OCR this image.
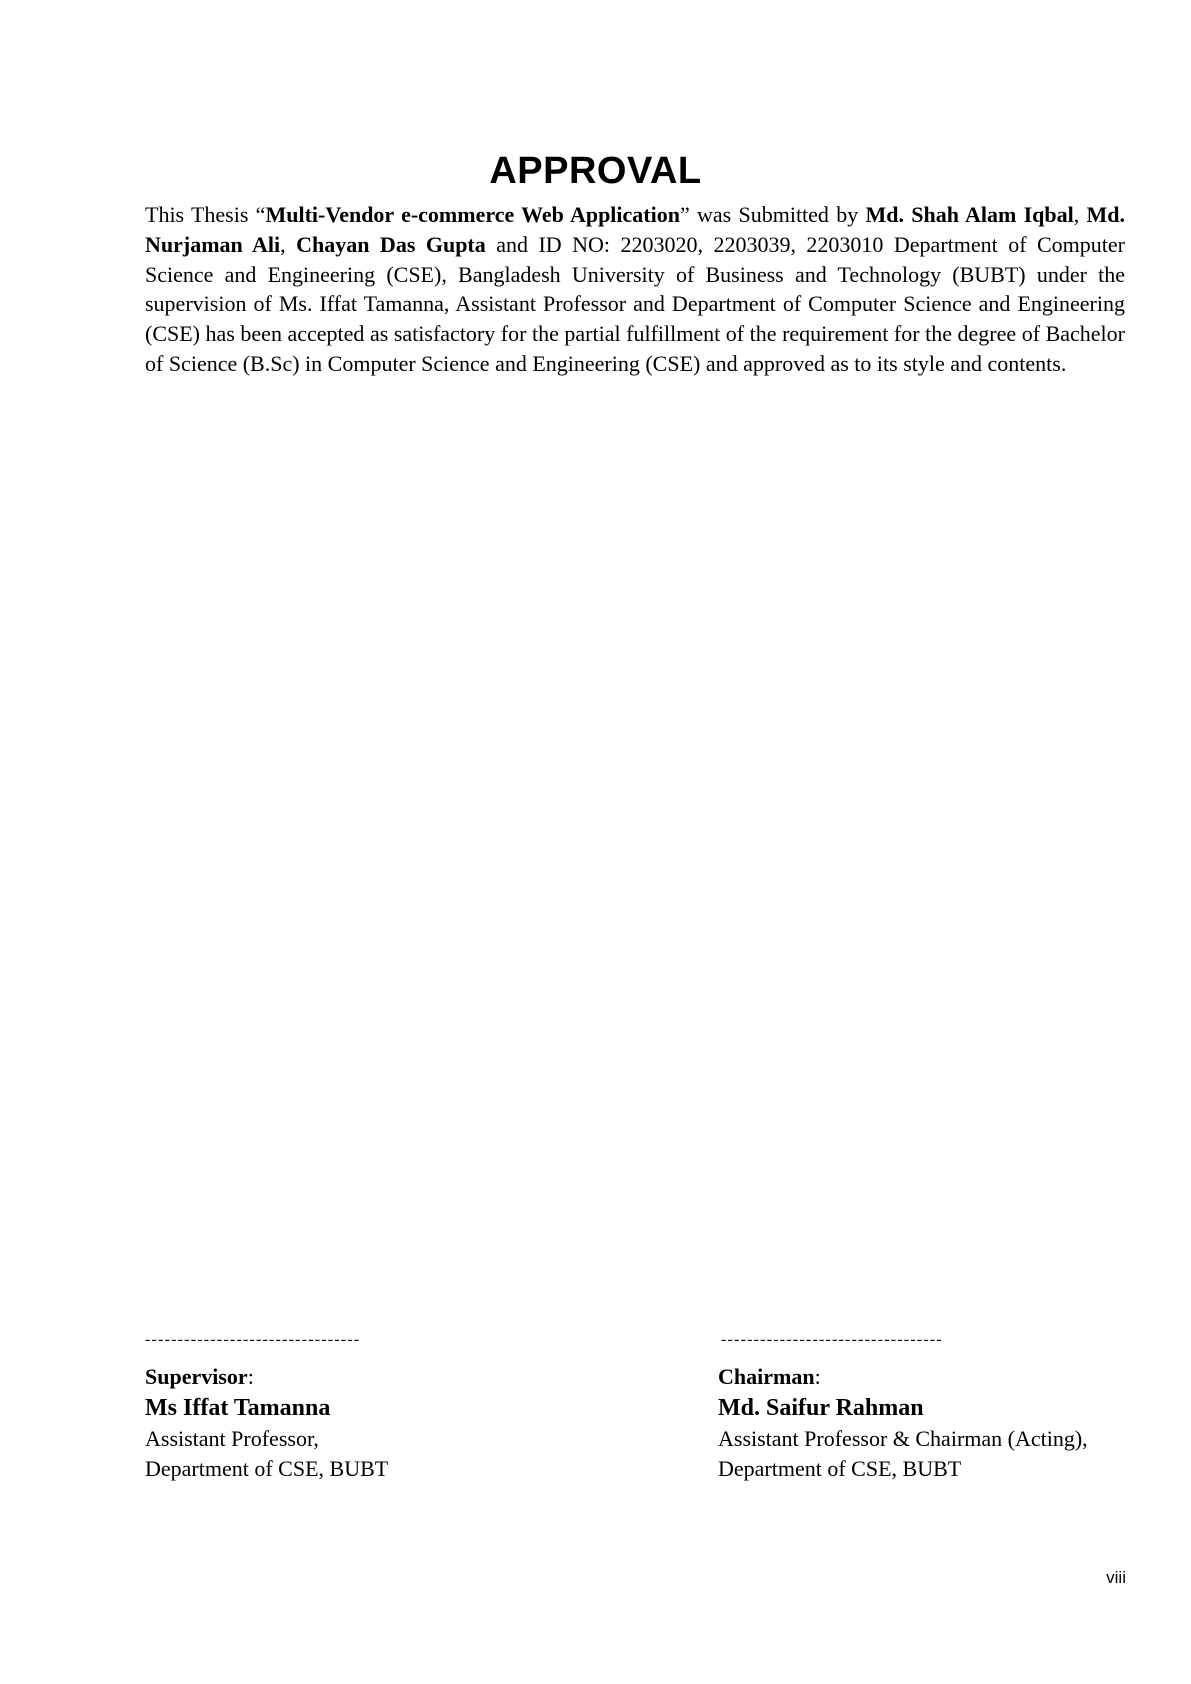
APPROVAL

This Thesis “Multi-Vendor e-commerce Web Application” was Submitted by Md. Shah Alam Iqbal, Md. Nurjaman Ali, Chayan Das Gupta and ID NO: 2203020, 2203039, 2203010 Department of Computer Science and Engineering (CSE), Bangladesh University of Business and Technology (BUBT) under the supervision of Ms. Iffat Tamanna, Assistant Professor and Department of Computer Science and Engineering (CSE) has been accepted as satisfactory for the partial fulfillment of the requirement for the degree of Bachelor of Science (B.Sc) in Computer Science and Engineering (CSE) and approved as to its style and contents.

---------------------------------
Supervisor:
Ms Iffat Tamanna
Assistant Professor,
Department of CSE, BUBT
----------------------------------
Chairman:
Md. Saifur Rahman
Assistant Professor & Chairman (Acting),
Department of CSE, BUBT
viii
